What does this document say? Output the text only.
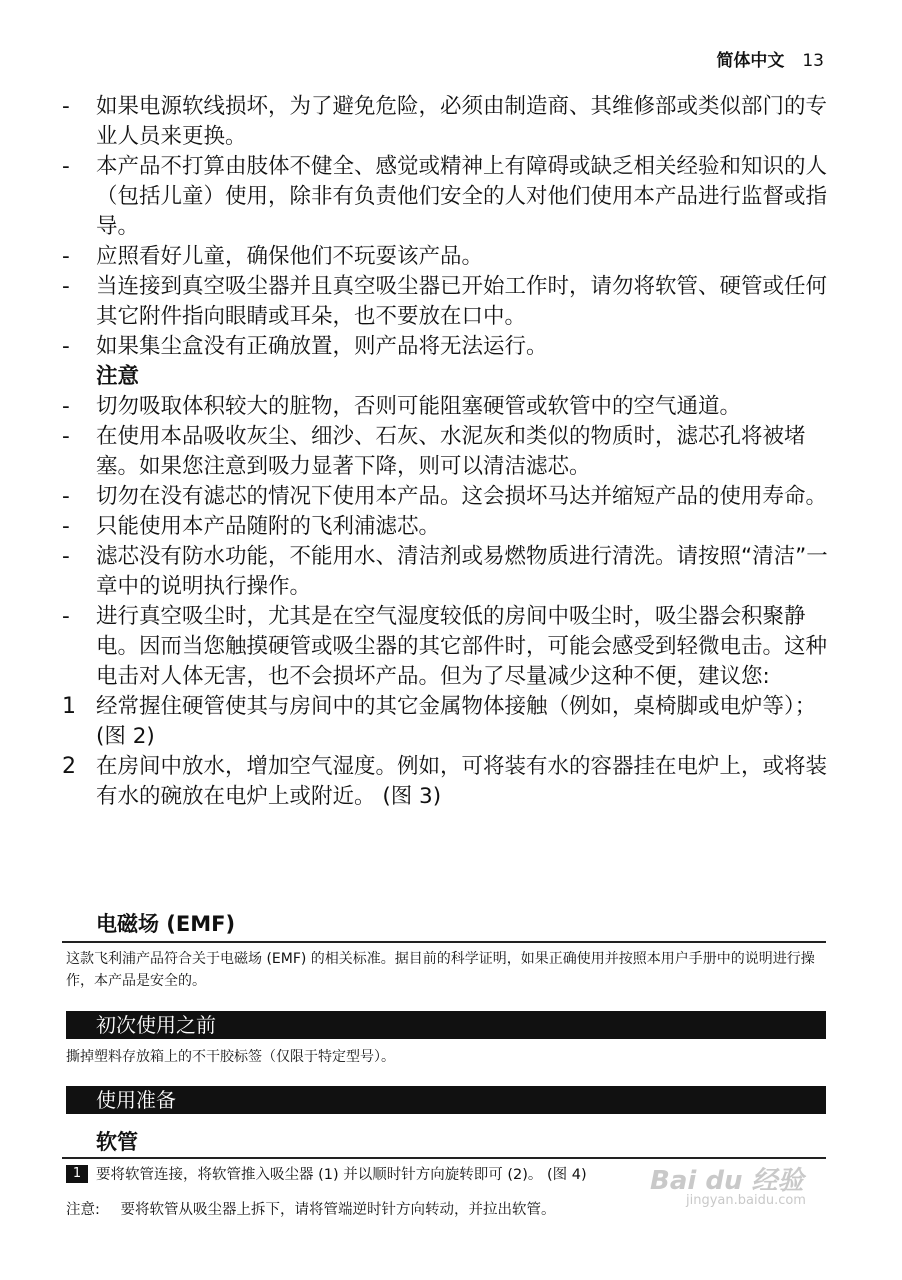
简体中文 13
-	如果电源软线损坏，为了避免危险，必须由制造商、其维修部或类似部门的专业人员来更换。
-	本产品不打算由肢体不健全、感觉或精神上有障碍或缺乏相关经验和知识的人（包括儿童）使用，除非有负责他们安全的人对他们使用本产品进行监督或指导。
-	应照看好儿童，确保他们不玩耍该产品。
-	当连接到真空吸尘器并且真空吸尘器已开始工作时，请勿将软管、硬管或任何其它附件指向眼睛或耳朵，也不要放在口中。
-	如果集尘盒没有正确放置，则产品将无法运行。
注意
-	切勿吸取体积较大的脏物，否则可能阻塞硬管或软管中的空气通道。
-	在使用本品吸收灰尘、细沙、石灰、水泥灰和类似的物质时，滤芯孔将被堵塞。如果您注意到吸力显著下降，则可以清洁滤芯。
-	切勿在没有滤芯的情况下使用本产品。这会损坏马达并缩短产品的使用寿命。
-	只能使用本产品随附的飞利浦滤芯。
-	滤芯没有防水功能，不能用水、清洁剂或易燃物质进行清洗。请按照“清洁”一章中的说明执行操作。
-	进行真空吸尘时，尤其是在空气湿度较低的房间中吸尘时，吸尘器会积聚静电。因而当您触摸硬管或吸尘器的其它部件时，可能会感受到轻微电击。这种电击对人体无害，也不会损坏产品。但为了尽量减少这种不便，建议您:
1 经常握住硬管使其与房间中的其它金属物体接触（例如，桌椅脚或电炉等）； (图 2)
2 在房间中放水，增加空气湿度。例如，可将装有水的容器挂在电炉上，或将装有水的碗放在电炉上或附近。 (图 3)
电磁场 (EMF)
这款飞利浦产品符合关于电磁场 (EMF) 的相关标准。据目前的科学证明，如果正确使用并按照本用户手册中的说明进行操作，本产品是安全的。
初次使用之前
撕掉塑料存放箱上的不干胶标签（仅限于特定型号）。
使用准备
软管
1	要将软管连接，将软管推入吸尘器 (1) 并以顺时针方向旋转即可 (2)。 (图 4)
注意: 要将软管从吸尘器上拆下，请将管端逆时针方向转动，并拉出软管。
Bai du 经验
jingyan.baidu.com
